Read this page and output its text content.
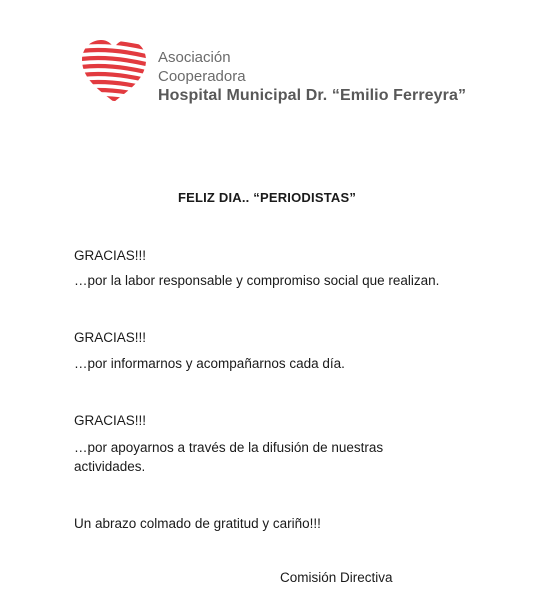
Asociación
Cooperadora
Hospital Municipal Dr. “Emilio Ferreyra”
FELIZ DIA.. “PERIODISTAS”
GRACIAS!!!
…por la labor responsable y compromiso social que realizan.
GRACIAS!!!
…por informarnos y acompañarnos cada día.
GRACIAS!!!
…por apoyarnos a través de la difusión de nuestras
actividades.
Un abrazo colmado de gratitud y cariño!!!
Comisión Directiva
